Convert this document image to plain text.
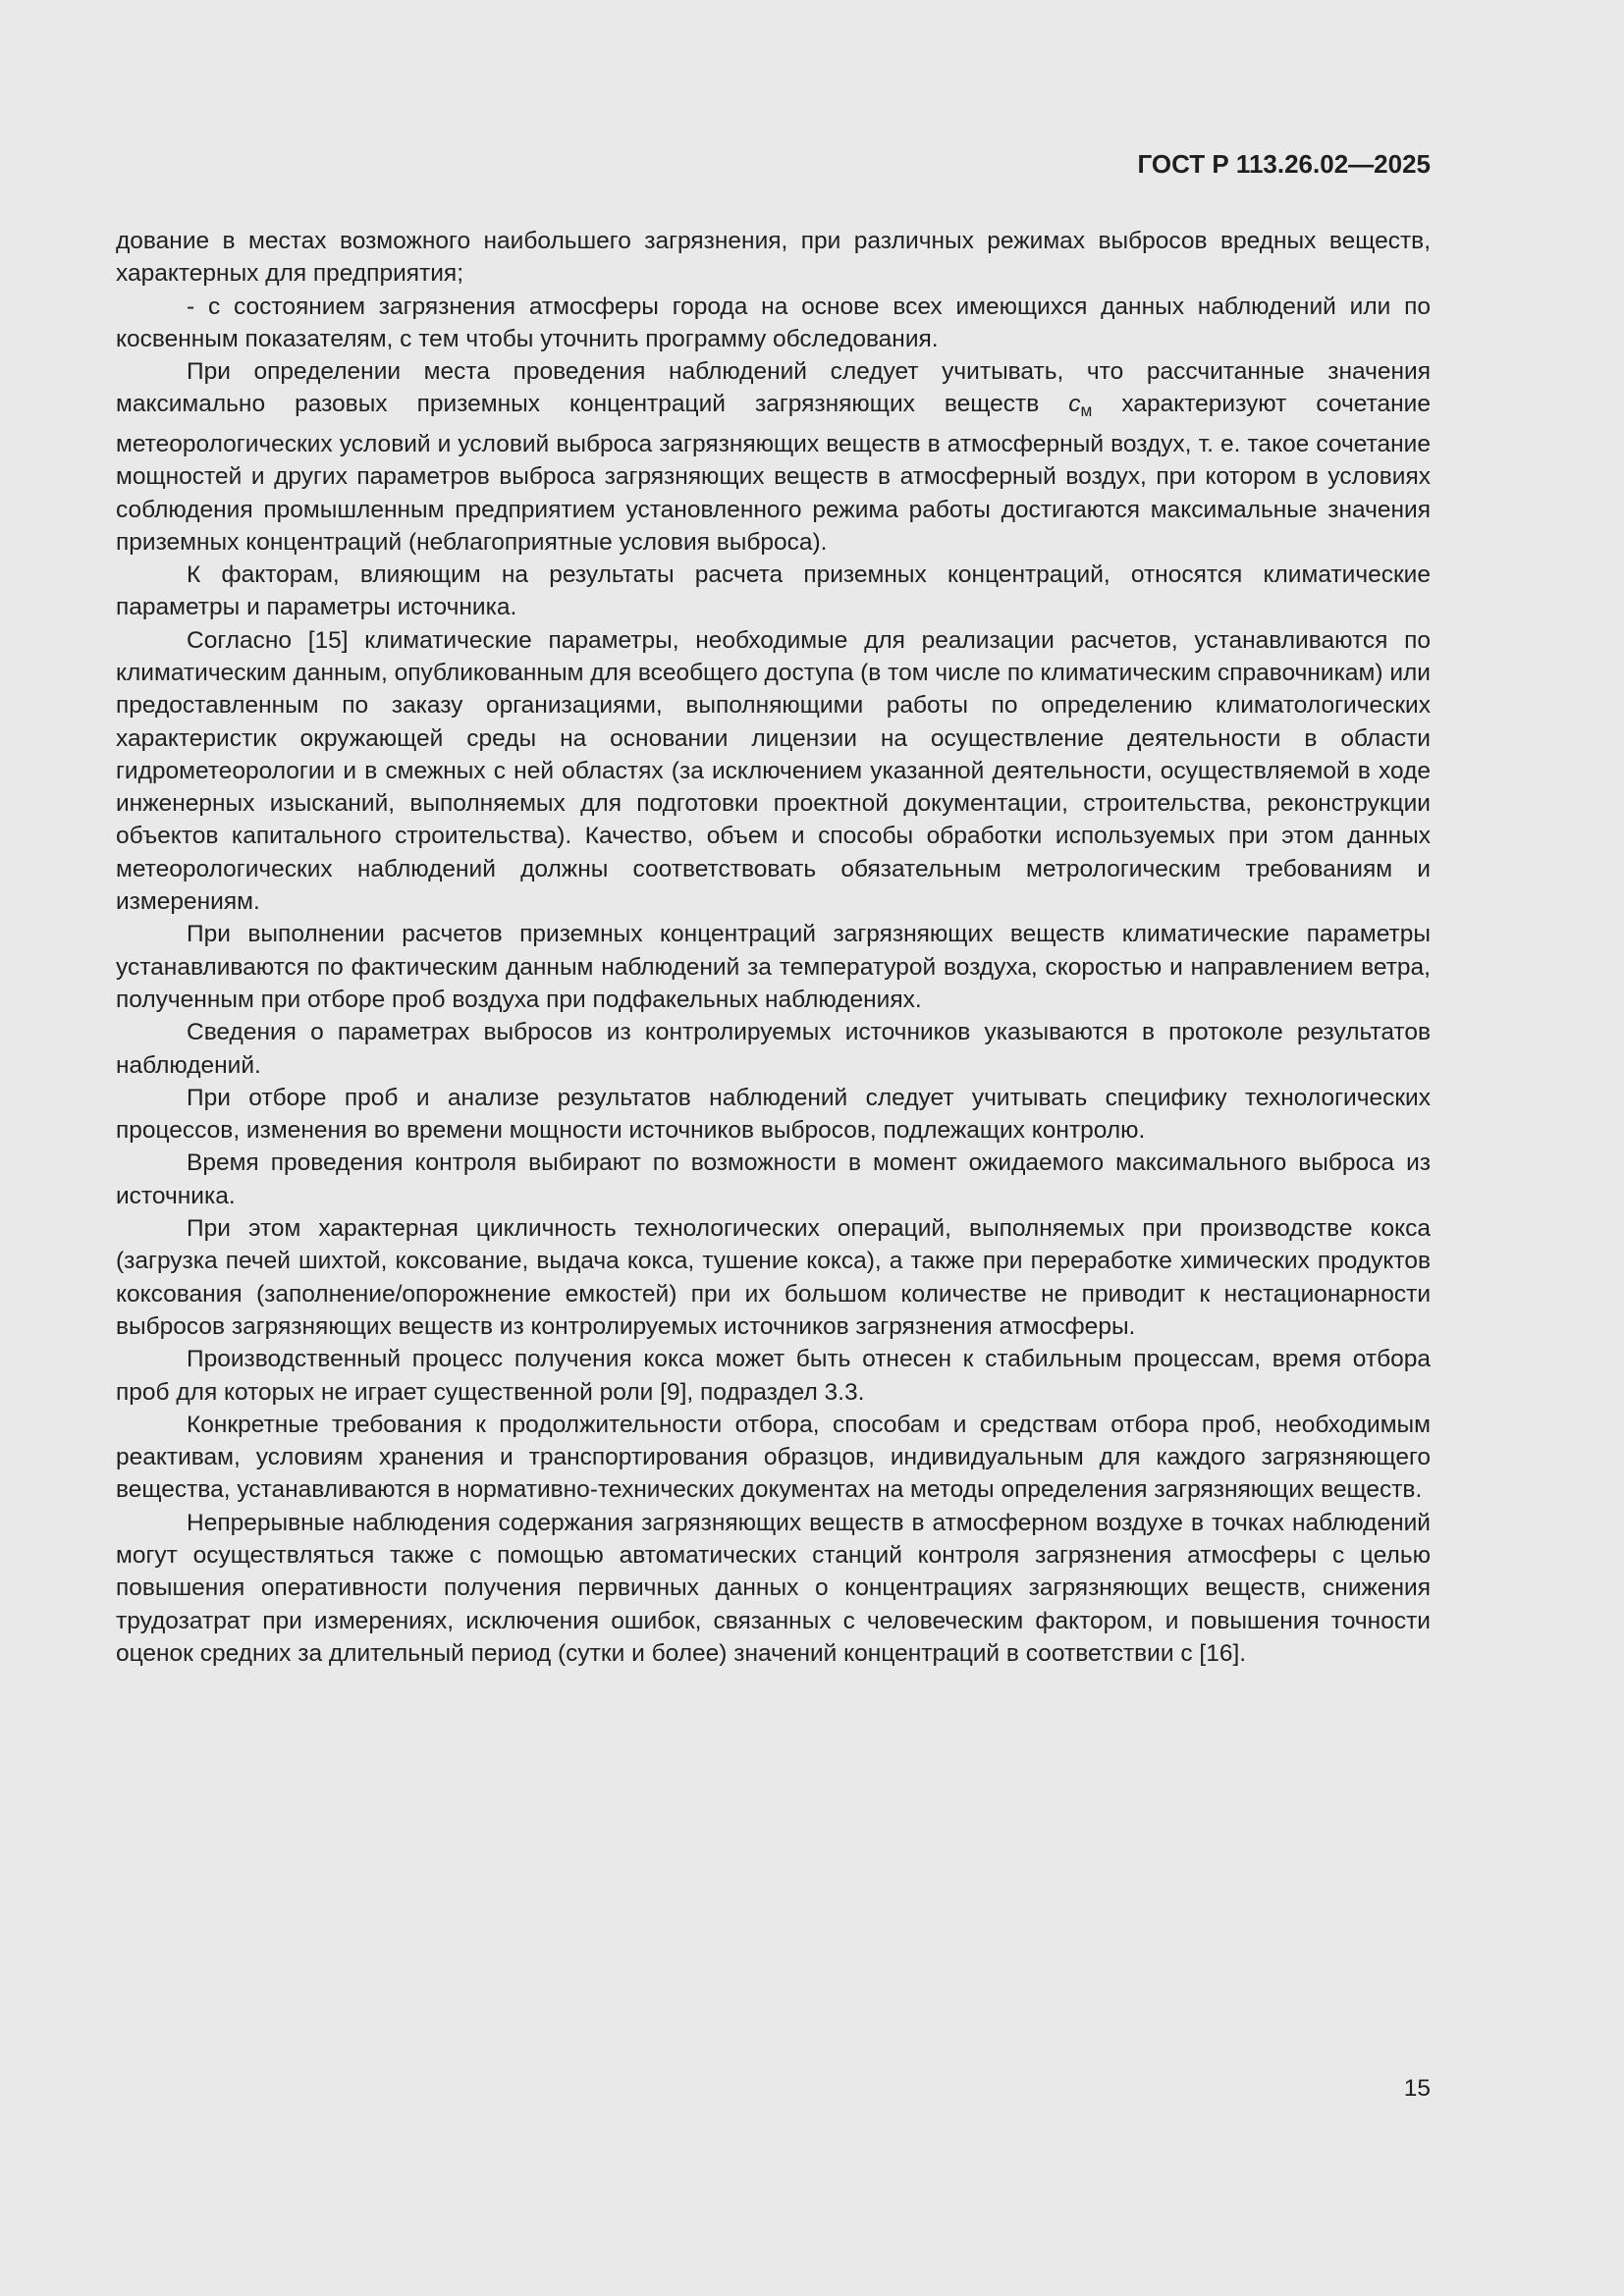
ГОСТ Р 113.26.02—2025

дование в местах возможного наибольшего загрязнения, при различных режимах выбросов вредных веществ, характерных для предприятия;

- с состоянием загрязнения атмосферы города на основе всех имеющихся данных наблюдений или по косвенным показателям, с тем чтобы уточнить программу обследования.

При определении места проведения наблюдений следует учитывать, что рассчитанные значения максимально разовых приземных концентраций загрязняющих веществ $c_м$ характеризуют сочетание метеорологических условий и условий выброса загрязняющих веществ в атмосферный воздух, т. е. такое сочетание мощностей и других параметров выброса загрязняющих веществ в атмосферный воздух, при котором в условиях соблюдения промышленным предприятием установленного режима работы достигаются максимальные значения приземных концентраций (неблагоприятные условия выброса).

К факторам, влияющим на результаты расчета приземных концентраций, относятся климатические параметры и параметры источника.

Согласно [15] климатические параметры, необходимые для реализации расчетов, устанавливаются по климатическим данным, опубликованным для всеобщего доступа (в том числе по климатическим справочникам) или предоставленным по заказу организациями, выполняющими работы по определению климатологических характеристик окружающей среды на основании лицензии на осуществление деятельности в области гидрометеорологии и в смежных с ней областях (за исключением указанной деятельности, осуществляемой в ходе инженерных изысканий, выполняемых для подготовки проектной документации, строительства, реконструкции объектов капитального строительства). Качество, объем и способы обработки используемых при этом данных метеорологических наблюдений должны соответствовать обязательным метрологическим требованиям и измерениям.

При выполнении расчетов приземных концентраций загрязняющих веществ климатические параметры устанавливаются по фактическим данным наблюдений за температурой воздуха, скоростью и направлением ветра, полученным при отборе проб воздуха при подфакельных наблюдениях.

Сведения о параметрах выбросов из контролируемых источников указываются в протоколе результатов наблюдений.

При отборе проб и анализе результатов наблюдений следует учитывать специфику технологических процессов, изменения во времени мощности источников выбросов, подлежащих контролю.

Время проведения контроля выбирают по возможности в момент ожидаемого максимального выброса из источника.

При этом характерная цикличность технологических операций, выполняемых при производстве кокса (загрузка печей шихтой, коксование, выдача кокса, тушение кокса), а также при переработке химических продуктов коксования (заполнение/опорожнение емкостей) при их большом количестве не приводит к нестационарности выбросов загрязняющих веществ из контролируемых источников загрязнения атмосферы.

Производственный процесс получения кокса может быть отнесен к стабильным процессам, время отбора проб для которых не играет существенной роли [9], подраздел 3.3.

Конкретные требования к продолжительности отбора, способам и средствам отбора проб, необходимым реактивам, условиям хранения и транспортирования образцов, индивидуальным для каждого загрязняющего вещества, устанавливаются в нормативно-технических документах на методы определения загрязняющих веществ.

Непрерывные наблюдения содержания загрязняющих веществ в атмосферном воздухе в точках наблюдений могут осуществляться также с помощью автоматических станций контроля загрязнения атмосферы с целью повышения оперативности получения первичных данных о концентрациях загрязняющих веществ, снижения трудозатрат при измерениях, исключения ошибок, связанных с человеческим фактором, и повышения точности оценок средних за длительный период (сутки и более) значений концентраций в соответствии с [16].

15
